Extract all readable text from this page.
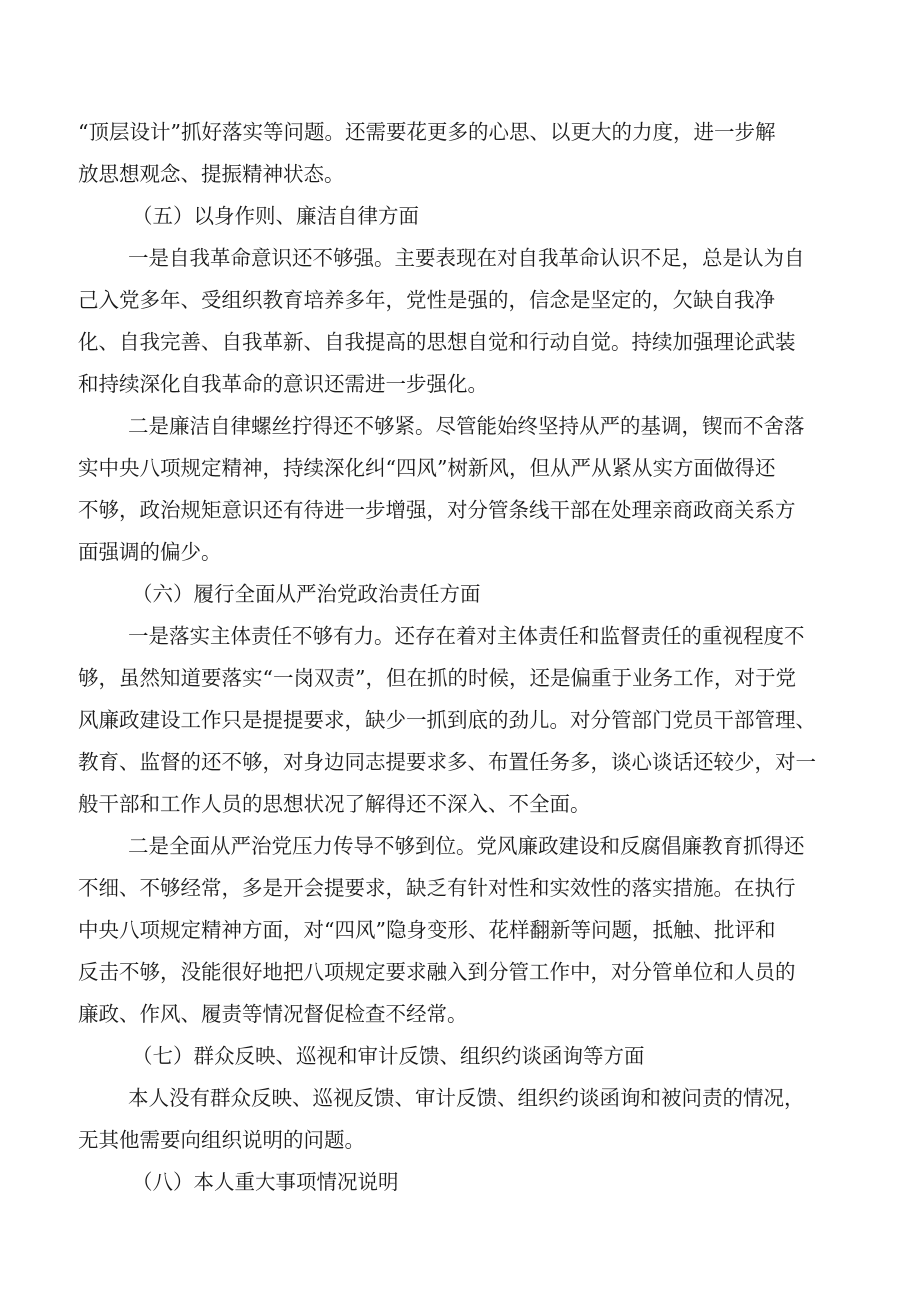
“顶层设计”抓好落实等问题。还需要花更多的心思、以更大的力度，进一步解
放思想观念、提振精神状态。
（五）以身作则、廉洁自律方面
一是自我革命意识还不够强。主要表现在对自我革命认识不足，总是认为自
己入党多年、受组织教育培养多年，党性是强的，信念是坚定的，欠缺自我净
化、自我完善、自我革新、自我提高的思想自觉和行动自觉。持续加强理论武装
和持续深化自我革命的意识还需进一步强化。
二是廉洁自律螺丝拧得还不够紧。尽管能始终坚持从严的基调，锲而不舍落
实中央八项规定精神，持续深化纠“四风”树新风，但从严从紧从实方面做得还
不够，政治规矩意识还有待进一步增强，对分管条线干部在处理亲商政商关系方
面强调的偏少。
（六）履行全面从严治党政治责任方面
一是落实主体责任不够有力。还存在着对主体责任和监督责任的重视程度不
够，虽然知道要落实“一岗双责”，但在抓的时候，还是偏重于业务工作，对于党
风廉政建设工作只是提提要求，缺少一抓到底的劲儿。对分管部门党员干部管理、
教育、监督的还不够，对身边同志提要求多、布置任务多，谈心谈话还较少，对一
般干部和工作人员的思想状况了解得还不深入、不全面。
二是全面从严治党压力传导不够到位。党风廉政建设和反腐倡廉教育抓得还
不细、不够经常，多是开会提要求，缺乏有针对性和实效性的落实措施。在执行
中央八项规定精神方面，对“四风”隐身变形、花样翻新等问题，抵触、批评和
反击不够，没能很好地把八项规定要求融入到分管工作中，对分管单位和人员的
廉政、作风、履责等情况督促检查不经常。
（七）群众反映、巡视和审计反馈、组织约谈函询等方面
本人没有群众反映、巡视反馈、审计反馈、组织约谈函询和被问责的情况，
无其他需要向组织说明的问题。
（八）本人重大事项情况说明
